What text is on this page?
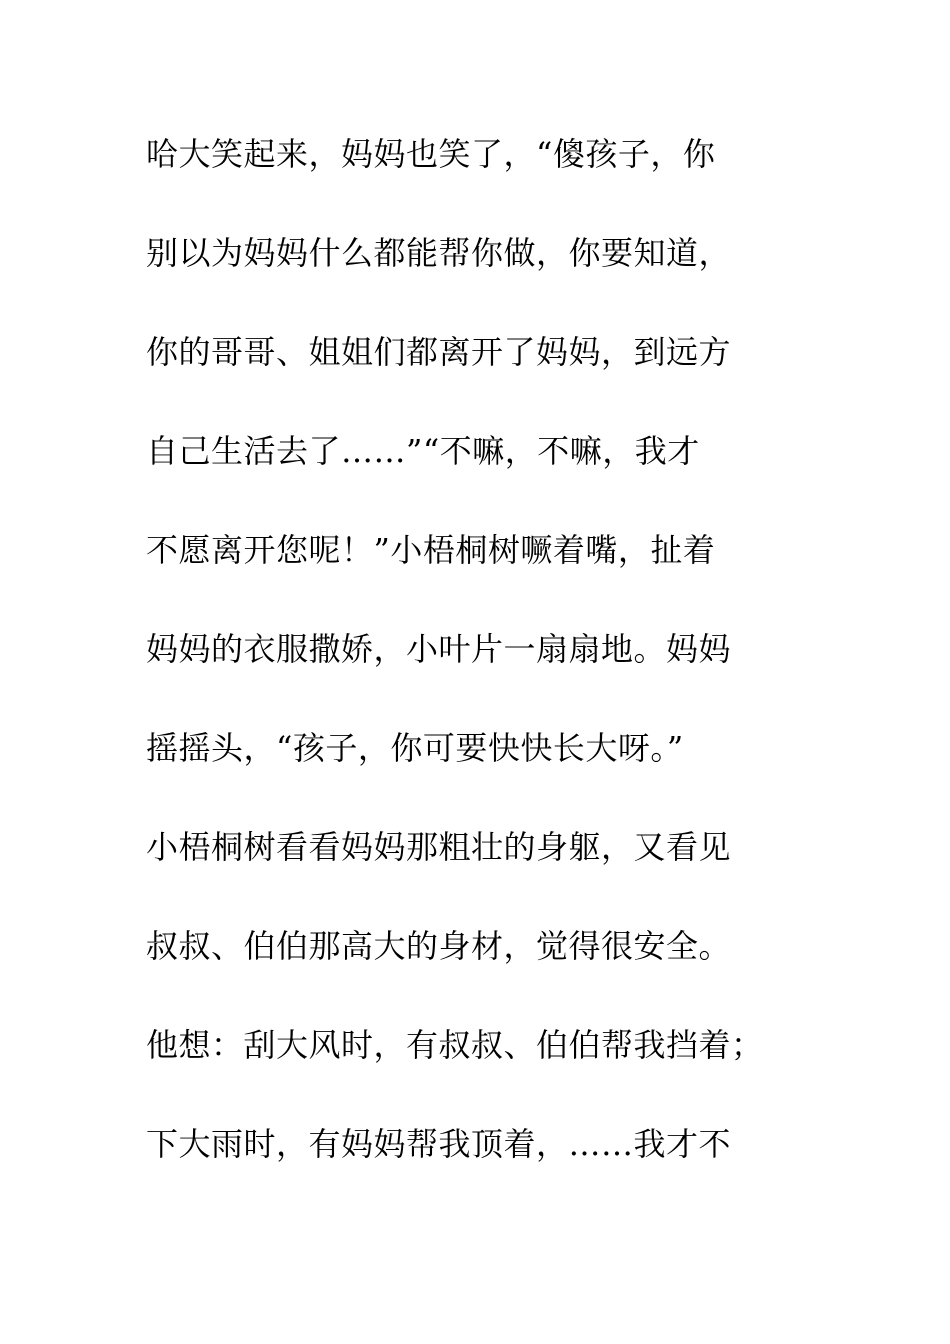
哈大笑起来，妈妈也笑了，“傻孩子，你
别以为妈妈什么都能帮你做，你要知道，
你的哥哥、姐姐们都离开了妈妈，到远方
自己生活去了……”“不嘛，不嘛，我才
不愿离开您呢！”小梧桐树噘着嘴，扯着
妈妈的衣服撒娇，小叶片一扇扇地。妈妈
摇摇头，“孩子，你可要快快长大呀。”
小梧桐树看看妈妈那粗壮的身躯，又看见
叔叔、伯伯那高大的身材，觉得很安全。
他想：刮大风时，有叔叔、伯伯帮我挡着；
下大雨时，有妈妈帮我顶着，……我才不
